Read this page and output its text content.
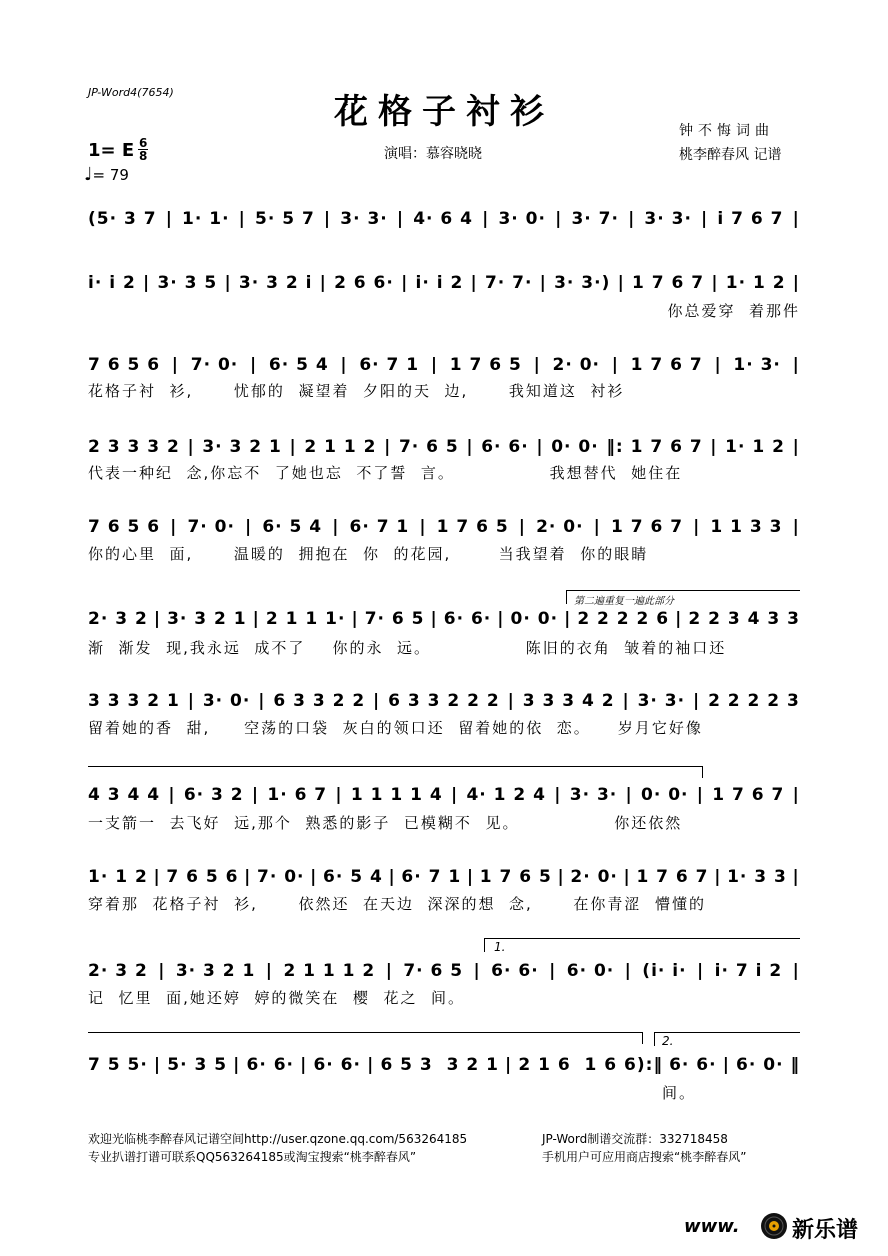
JP-Word4(7654)	花格子衬衫
1= E 6
8
♩= 79
演唱：慕容晓晓
钟不悔词曲
桃李醉春风 记谱
(5· 3 7 | 1· 1· | 5· 5 7 | 3· 3· | 4· 6 4 | 3· 0· | 3· 7· | 3· 3· | i 7 6 7 |
i· i 2 | 3· 3 5 | 3· 3 2 i | 2 6 6· | i· i 2 | 7· 7· | 3· 3·) | 1 7 6 7 | 1· 1 2 |
你总爱穿  着那件
7 6 5 6 | 7· 0· | 6· 5 4 | 6· 7 1 | 1 7 6 5 | 2· 0· | 1 7 6 7 | 1· 3· |
花格子衬  衫,      忧郁的  凝望着  夕阳的天  边,      我知道这  衬衫
2 3 3 3 2 | 3· 3 2 1 | 2 1 1 2 | 7· 6 5 | 6· 6· | 0· 0· ‖: 1 7 6 7 | 1· 1 2 |
代表一种纪  念,你忘不  了她也忘  不了誓  言。              我想替代  她住在
7 6 5 6 | 7· 0· | 6· 5 4 | 6· 7 1 | 1 7 6 5 | 2· 0· | 1 7 6 7 | 1 1 3 3 |
你的心里  面,      温暖的  拥抱在  你  的花园,       当我望着  你的眼睛
第二遍重复一遍此部分
2· 3 2 | 3· 3 2 1 | 2 1 1 1· | 7· 6 5 | 6· 6· | 0· 0· | 2 2 2 2 6 | 2 2 3 4 3 3
渐  渐发  现,我永远  成不了    你的永  远。              陈旧的衣角  皱着的袖口还
3 3 3 2 1 | 3· 0· | 6 3 3 2 2 | 6 3 3 2 2 2 | 3 3 3 4 2 | 3· 3· | 2 2 2 2 3
留着她的香  甜,     空荡的口袋  灰白的领口还  留着她的依  恋。    岁月它好像
4 3 4 4 | 6· 3 2 | 1· 6 7 | 1 1 1 1 4 | 4· 1 2 4 | 3· 3· | 0· 0· | 1 7 6 7 |
一支箭一  去飞好  远,那个  熟悉的影子  已模糊不  见。              你还依然
1· 1 2 | 7 6 5 6 | 7· 0· | 6· 5 4 | 6· 7 1 | 1 7 6 5 | 2· 0· | 1 7 6 7 | 1· 3 3 |
穿着那  花格子衬  衫,      依然还  在天边  深深的想  念,      在你青涩  懵懂的
1.
2· 3 2 | 3· 3 2 1 | 2 1 1 1 2 | 7· 6 5 | 6· 6· | 6· 0· | (i· i· | i· 7 i 2 |
记  忆里  面,她还婷  婷的微笑在  樱  花之  间。
2.
7 5 5· | 5· 3 5 | 6· 6· | 6· 6· | 6 5 3  3 2 1 | 2 1 6  1 6 6):‖ 6· 6· | 6· 0· ‖
间。
欢迎光临桃李醉春风记谱空间http://user.qzone.qq.com/563264185
专业扒谱打谱可联系QQ563264185或淘宝搜索“桃李醉春风”
JP-Word制谱交流群：332718458
手机用户可应用商店搜索“桃李醉春风”
www. 新乐谱
